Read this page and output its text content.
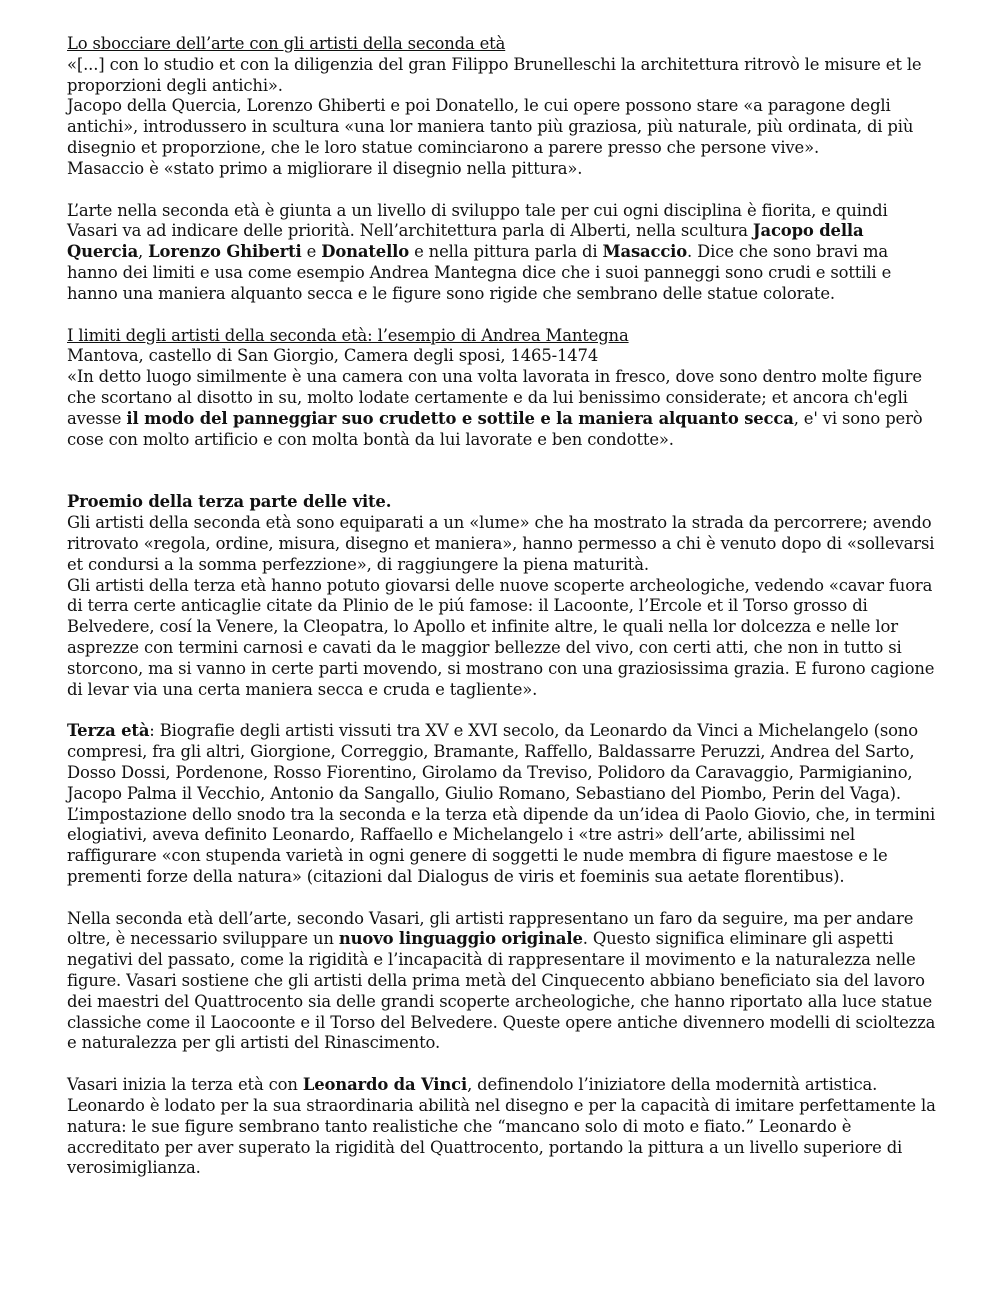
Lo sbocciare dell’arte con gli artisti della seconda età

«[...] con lo studio et con la diligenzia del gran Filippo Brunelleschi la architettura ritrovò le misure et le proporzioni degli antichi».

Jacopo della Quercia, Lorenzo Ghiberti e poi Donatello, le cui opere possono stare «a paragone degli antichi», introdussero in scultura «una lor maniera tanto più graziosa, più naturale, più ordinata, di più disegnio et proporzione, che le loro statue cominciarono a parere presso che persone vive».

Masaccio è «stato primo a migliorare il disegnio nella pittura».

L’arte nella seconda età è giunta a un livello di sviluppo tale per cui ogni disciplina è fiorita, e quindi Vasari va ad indicare delle priorità. Nell’architettura parla di Alberti, nella scultura Jacopo della Quercia, Lorenzo Ghiberti e Donatello e nella pittura parla di Masaccio. Dice che sono bravi ma hanno dei limiti e usa come esempio Andrea Mantegna dice che i suoi panneggi sono crudi e sottili e hanno una maniera alquanto secca e le figure sono rigide che sembrano delle statue colorate.

I limiti degli artisti della seconda età: l’esempio di Andrea Mantegna

Mantova, castello di San Giorgio, Camera degli sposi, 1465-1474

«In detto luogo similmente è una camera con una volta lavorata in fresco, dove sono dentro molte figure che scortano al disotto in su, molto lodate certamente e da lui benissimo considerate; et ancora ch'egli avesse il modo del panneggiar suo crudetto e sottile e la maniera alquanto secca, e' vi sono però cose con molto artificio e con molta bontà da lui lavorate e ben condotte».

Proemio della terza parte delle vite.

Gli artisti della seconda età sono equiparati a un «lume» che ha mostrato la strada da percorrere; avendo ritrovato «regola, ordine, misura, disegno et maniera», hanno permesso a chi è venuto dopo di «sollevarsi et condursi a la somma perfezzione», di raggiungere la piena maturità.

Gli artisti della terza età hanno potuto giovarsi delle nuove scoperte archeologiche, vedendo «cavar fuora di terra certe anticaglie citate da Plinio de le piú famose: il Lacoonte, l’Ercole et il Torso grosso di Belvedere, cosí la Venere, la Cleopatra, lo Apollo et infinite altre, le quali nella lor dolcezza e nelle lor asprezze con termini carnosi e cavati da le maggior bellezze del vivo, con certi atti, che non in tutto si storcono, ma si vanno in certe parti movendo, si mostrano con una graziosissima grazia. E furono cagione di levar via una certa maniera secca e cruda e tagliente».

Terza età: Biografie degli artisti vissuti tra XV e XVI secolo, da Leonardo da Vinci a Michelangelo (sono compresi, fra gli altri, Giorgione, Correggio, Bramante, Raffello, Baldassarre Peruzzi, Andrea del Sarto, Dosso Dossi, Pordenone, Rosso Fiorentino, Girolamo da Treviso, Polidoro da Caravaggio, Parmigianino, Jacopo Palma il Vecchio, Antonio da Sangallo, Giulio Romano, Sebastiano del Piombo, Perin del Vaga).

L’impostazione dello snodo tra la seconda e la terza età dipende da un’idea di Paolo Giovio, che, in termini elogiativi, aveva definito Leonardo, Raffaello e Michelangelo i «tre astri» dell’arte, abilissimi nel raffigurare «con stupenda varietà in ogni genere di soggetti le nude membra di figure maestose e le prementi forze della natura» (citazioni dal Dialogus de viris et foeminis sua aetate florentibus).

Nella seconda età dell’arte, secondo Vasari, gli artisti rappresentano un faro da seguire, ma per andare oltre, è necessario sviluppare un nuovo linguaggio originale. Questo significa eliminare gli aspetti negativi del passato, come la rigidità e l’incapacità di rappresentare il movimento e la naturalezza nelle figure. Vasari sostiene che gli artisti della prima metà del Cinquecento abbiano beneficiato sia del lavoro dei maestri del Quattrocento sia delle grandi scoperte archeologiche, che hanno riportato alla luce statue classiche come il Laocoonte e il Torso del Belvedere. Queste opere antiche divennero modelli di scioltezza e naturalezza per gli artisti del Rinascimento.

Vasari inizia la terza età con Leonardo da Vinci, definendolo l’iniziatore della modernità artistica. Leonardo è lodato per la sua straordinaria abilità nel disegno e per la capacità di imitare perfettamente la natura: le sue figure sembrano tanto realistiche che “mancano solo di moto e fiato.” Leonardo è accreditato per aver superato la rigidità del Quattrocento, portando la pittura a un livello superiore di verosimiglianza.
